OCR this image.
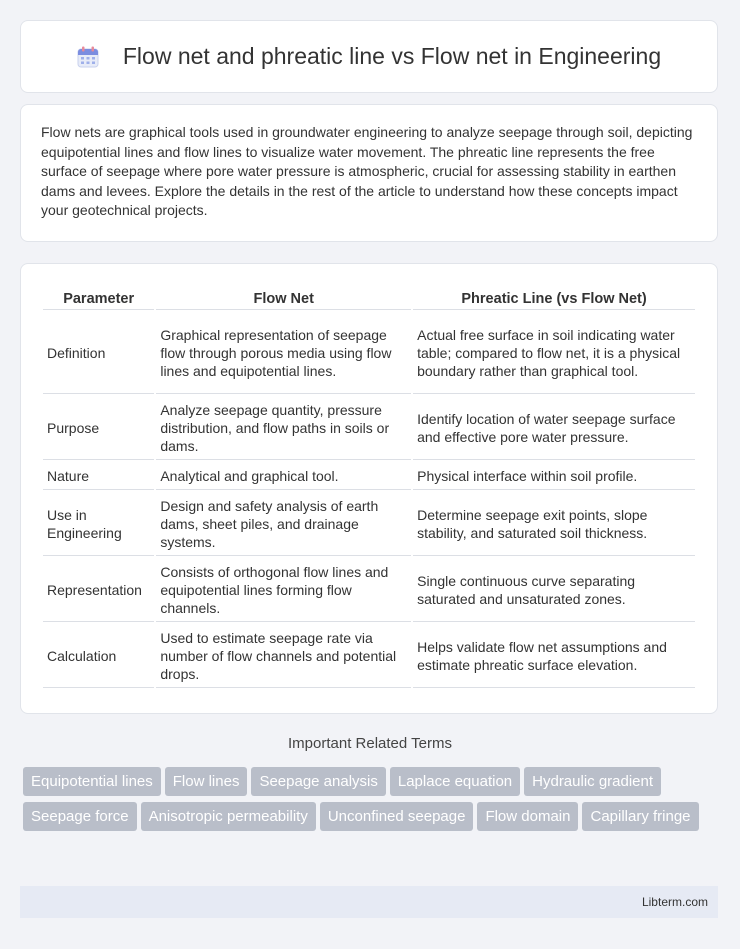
Flow net and phreatic line vs Flow net in Engineering

Flow nets are graphical tools used in groundwater engineering to analyze seepage through soil, depicting equipotential lines and flow lines to visualize water movement. The phreatic line represents the free surface of seepage where pore water pressure is atmospheric, crucial for assessing stability in earthen dams and levees. Explore the details in the rest of the article to understand how these concepts impact your geotechnical projects.

Parameter	Flow Net	Phreatic Line (vs Flow Net)
Definition	Graphical representation of seepage flow through porous media using flow lines and equipotential lines.	Actual free surface in soil indicating water table; compared to flow net, it is a physical boundary rather than graphical tool.
Purpose	Analyze seepage quantity, pressure distribution, and flow paths in soils or dams.	Identify location of water seepage surface and effective pore water pressure.
Nature	Analytical and graphical tool.	Physical interface within soil profile.
Use in Engineering	Design and safety analysis of earth dams, sheet piles, and drainage systems.	Determine seepage exit points, slope stability, and saturated soil thickness.
Representation	Consists of orthogonal flow lines and equipotential lines forming flow channels.	Single continuous curve separating saturated and unsaturated zones.
Calculation	Used to estimate seepage rate via number of flow channels and potential drops.	Helps validate flow net assumptions and estimate phreatic surface elevation.
Important Related Terms
Equipotential lines Flow lines Seepage analysis Laplace equation Hydraulic gradientSeepage force Anisotropic permeability Unconfined seepage Flow domain Capillary fringe
Libterm.com
